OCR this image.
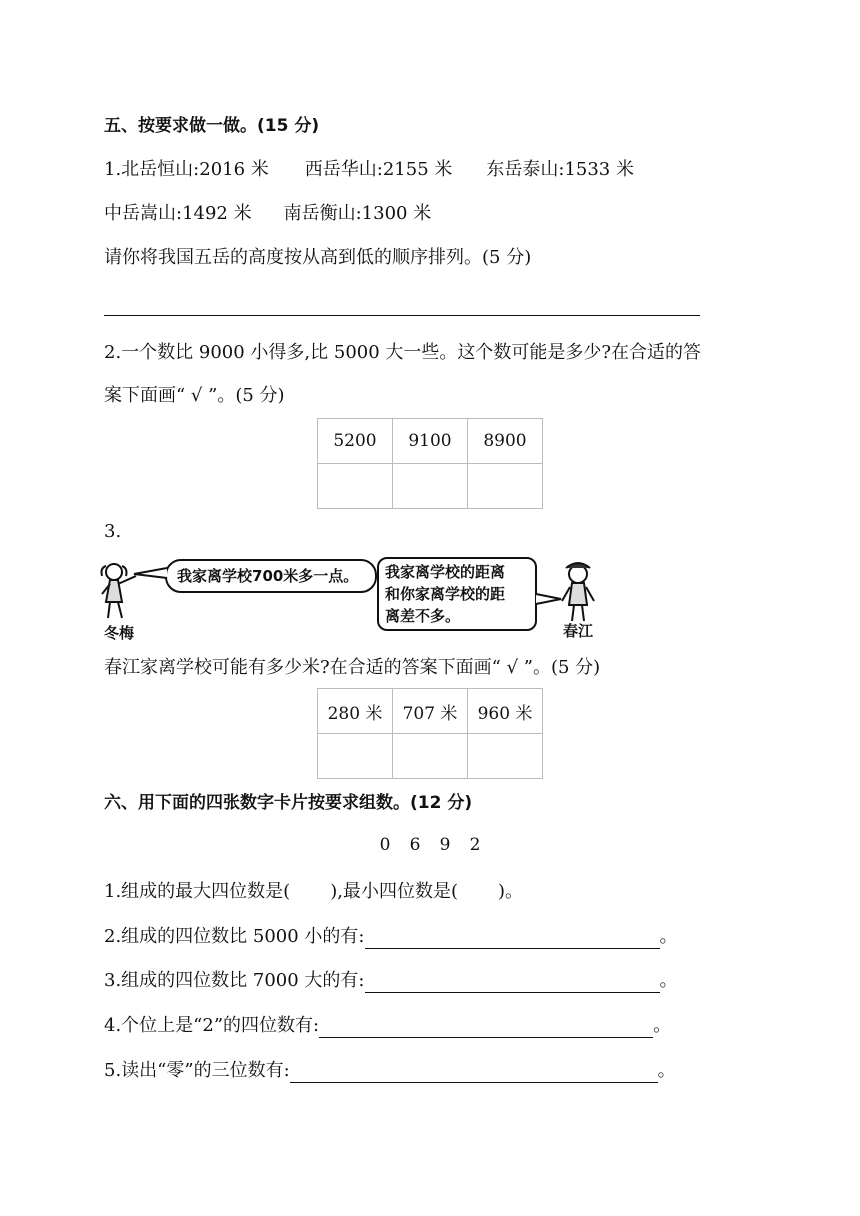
五、按要求做一做。(15 分)
1.北岳恒山:2016 米 西岳华山:2155 米 东岳泰山:1533 米
中岳嵩山:1492 米 南岳衡山:1300 米
请你将我国五岳的高度按从高到低的顺序排列。(5 分)
2.一个数比 9000 小得多,比 5000 大一些。这个数可能是多少?在合适的答
案下面画“ √ ”。(5 分)
5200	9100	8900

3.
我家离学校700米多一点。 我家离学校的距离
和你家离学校的距
离差不多。
冬梅	春江
春江家离学校可能有多少米?在合适的答案下面画“ √ ”。(5 分)
280 米	707 米	960 米

六、用下面的四张数字卡片按要求组数。(12 分)
0 6 9 2
1.组成的最大四位数是( ),最小四位数是( )。
2.组成的四位数比 5000 小的有:	。
3.组成的四位数比 7000 大的有:	。
4.个位上是“2”的四位数有:	。
5.读出“零”的三位数有:	。
